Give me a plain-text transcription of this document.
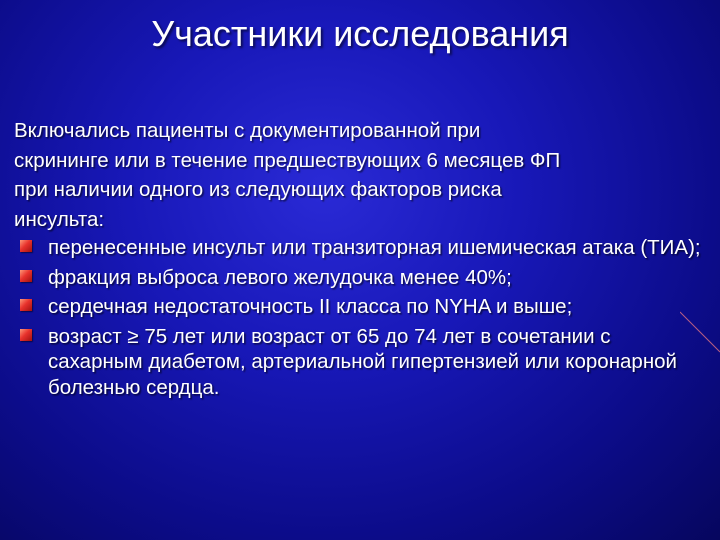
Участники исследования

Включались пациенты с документированной при

скрининге или в течение предшествующих 6 месяцев ФП

при наличии одного из следующих факторов риска

инсульта:

перенесенные инсульт или транзиторная ишемическая атака (ТИА);
фракция выброса левого желудочка менее 40%;
сердечная недостаточность II класса по NYHA и выше;
возраст ≥ 75 лет или возраст от 65 до 74 лет в сочетании с сахарным диабетом, артериальной гипертензией или коронарной болезнью сердца.
